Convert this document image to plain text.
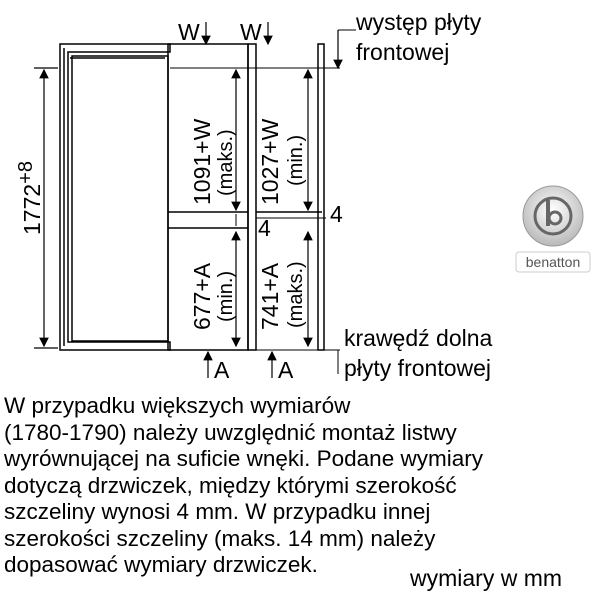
1772+8
W W	występ płyty
frontowej
1091+W (maks.) 1027+W (min.)
4
4
677+A (min.) 741+A (maks.)
A A
krawędź dolna
płyty frontowej
benatton

W przypadku większych wymiarów
(1780-1790) należy uwzględnić montaż listwy
wyrównującej na suficie wnęki. Podane wymiary
dotyczą drzwiczek, między którymi szerokość
szczeliny wynosi 4 mm. W przypadku innej
szerokości szczeliny (maks. 14 mm) należy
dopasować wymiary drzwiczek.

wymiary w mm
